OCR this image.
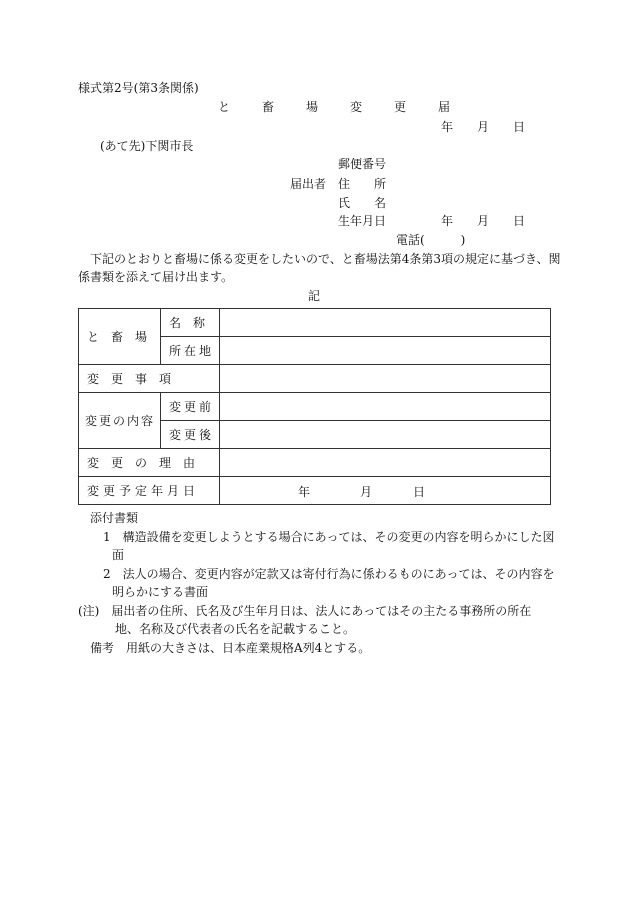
様式第2号(第3条関係)
と　畜　場　変　更　届
年　　月　　日
(あて先)下関市長
郵便番号
届出者 住　　所
氏　　名
生年月日	年　　月　　日
電話(　　　)
下記のとおりと畜場に係る変更をしたいので、と畜場法第4条第3項の規定に基づき、関
係書類を添えて届け出ます。
記
と　畜　場	名　称	

	所在地	

変　更　事　項		

変更の内容	変更前	

	変更後	

変　更　の　理　由		

変更予定年月日		年 月 日
添付書類
1　構造設備を変更しようとする場合にあっては、その変更の内容を明らかにした図
面
2　法人の場合、変更内容が定款又は寄付行為に係わるものにあっては、その内容を
明らかにする書面
(注)　届出者の住所、氏名及び生年月日は、法人にあってはその主たる事務所の所在
地、名称及び代表者の氏名を記載すること。
備考　用紙の大きさは、日本産業規格A列4とする。
